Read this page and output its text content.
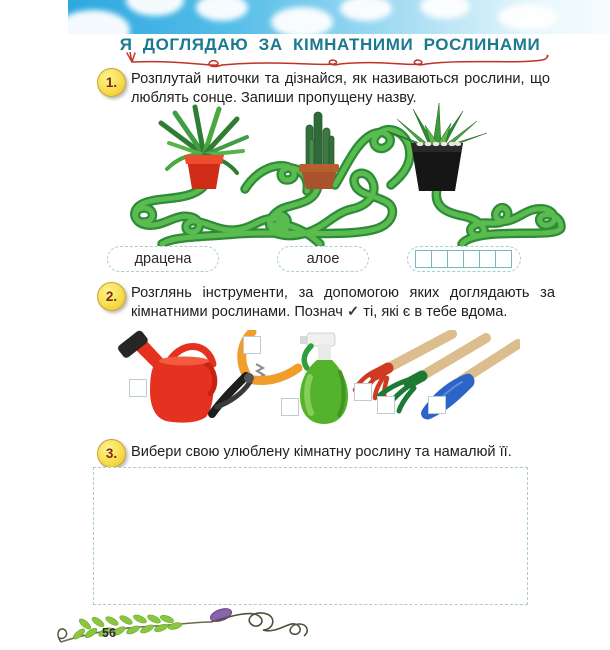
Я ДОГЛЯДАЮ ЗА КІМНАТНИМИ РОСЛИНАМИ
1. Розплутай ниточки та дізнайся, як називаються рослини, що люблять сонце. Запиши пропущену назву.
драцена	алое
2. Розглянь інструменти, за допомогою яких доглядають за кімнатними рослинами. Познач ✓ ті, які є в тебе вдома.
3. Вибери свою улюблену кімнатну рослину та намалюй її.
56
